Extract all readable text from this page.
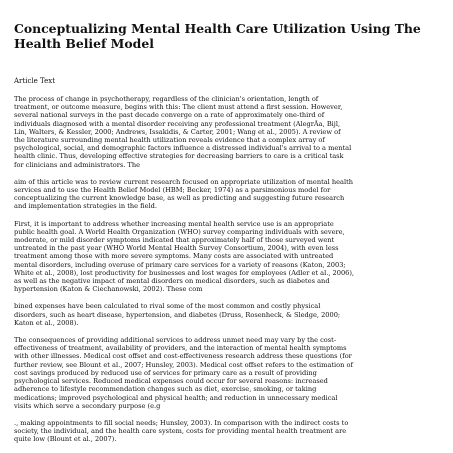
Conceptualizing Mental Health Care Utilization Using The
Health Belief Model
Article Text

The process of change in psychotherapy, regardless of the clinician's orientation, length of
treatment, or outcome measure, begins with this: The client must attend a first session. However,
several national surveys in the past decade converge on a rate of approximately one-third of
individuals diagnosed with a mental disorder receiving any professional treatment (AlegrÃa, Bijl,
Lin, Walters, & Kessler, 2000; Andrews, Issakidis, & Carter, 2001; Wang et al., 2005). A review of
the literature surrounding mental health utilization reveals evidence that a complex array of
psychological, social, and demographic factors influence a distressed individual's arrival to a mental
health clinic. Thus, developing effective strategies for decreasing barriers to care is a critical task
for clinicians and administrators. The

aim of this article was to review current research focused on appropriate utilization of mental health
services and to use the Health Belief Model (HBM; Becker, 1974) as a parsimonious model for
conceptualizing the current knowledge base, as well as predicting and suggesting future research
and implementation strategies in the field.

First, it is important to address whether increasing mental health service use is an appropriate
public health goal. A World Health Organization (WHO) survey comparing individuals with severe,
moderate, or mild disorder symptoms indicated that approximately half of those surveyed went
untreated in the past year (WHO World Mental Health Survey Consortium, 2004), with even less
treatment among those with more severe symptoms. Many costs are associated with untreated
mental disorders, including overuse of primary care services for a variety of reasons (Katon, 2003;
White et al., 2008), lost productivity for businesses and lost wages for employees (Adler et al., 2006),
as well as the negative impact of mental disorders on medical disorders, such as diabetes and
hypertension (Katon & Ciechanowski, 2002). These com

bined expenses have been calculated to rival some of the most common and costly physical
disorders, such as heart disease, hypertension, and diabetes (Druss, Rosenheck, & Sledge, 2000;
Katon et al., 2008).

The consequences of providing additional services to address unmet need may vary by the cost-
effectiveness of treatment, availability of providers, and the interaction of mental health symptoms
with other illnesses. Medical cost offset and cost-effectiveness research address these questions (for
further review, see Blount et al., 2007; Hunsley, 2003). Medical cost offset refers to the estimation of
cost savings produced by reduced use of services for primary care as a result of providing
psychological services. Reduced medical expenses could occur for several reasons: increased
adherence to lifestyle recommendation changes such as diet, exercise, smoking, or taking
medications; improved psychological and physical health; and reduction in unnecessary medical
visits which serve a secondary purpose (e.g

., making appointments to fill social needs; Hunsley, 2003). In comparison with the indirect costs to
society, the individual, and the health care system, costs for providing mental health treatment are
quite low (Blount et al., 2007).
